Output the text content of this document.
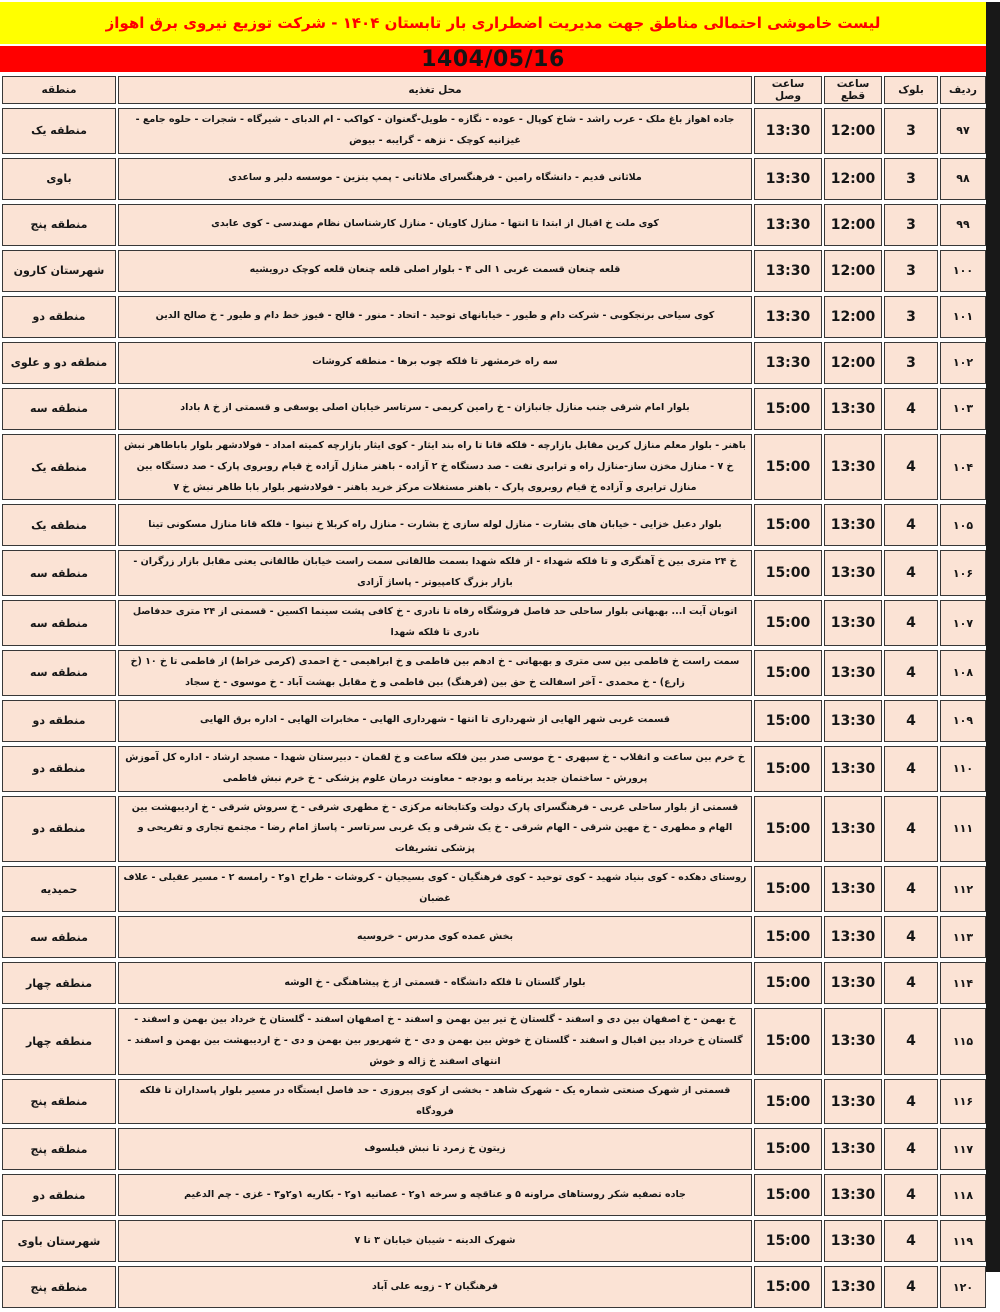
لیست خاموشی احتمالی مناطق جهت مدیریت اضطراری بار تابستان ۱۴۰۴ - شرکت توزیع نیروی برق اهواز
1404/05/16
ردیف	بلوک	ساعت قطع	ساعت وصل	محل تغذیه	منطقه
۹۷	3	12:00	13:30	جاده اهواز باغ ملک - عرب راشد - شاخ کوپال - عوده - نگازه - طویل-گعنوان - کواکب - ام الدبای - شیرگاه - شجرات - حلوه جامع - غیزانیه کوچک - نزهه - گرایبه - بیوض	منطقه یک
۹۸	3	12:00	13:30	ملاثانی قدیم - دانشگاه رامین - فرهنگسرای ملاثانی - پمپ بنزین - موسسه دلبر و ساعدی	باوی
۹۹	3	12:00	13:30	کوی ملت خ اقبال از ابتدا تا انتها - منازل کاویان - منازل کارشناسان نظام مهندسی - کوی عابدی	منطقه پنج
۱۰۰	3	12:00	13:30	قلعه چنعان قسمت غربی ۱ الی ۴ - بلوار اصلی قلعه چنعان قلعه کوچک درویشیه	شهرستان کارون
۱۰۱	3	12:00	13:30	کوی سیاحی برنجکوبی - شرکت دام و طیور - خیابانهای توحید - اتحاد - منور - فالح - فیوز خط دام و طیور - خ صالح الدین	منطقه دو
۱۰۲	3	12:00	13:30	سه راه خرمشهر تا فلکه چوب برها - منطقه کروشات	منطقه دو و علوی
۱۰۳	4	13:30	15:00	بلوار امام شرقی جنب منازل جانبازان - خ رامین کریمی - سرتاسر خیابان اصلی یوسفی و قسمتی از خ ۸ باداد	منطقه سه
۱۰۴	4	13:30	15:00	باهنر - بلوار معلم منازل کرین مقابل بازارچه - فلکه قانا تا راه بند ایثار - کوی ایثار بازارچه کمیته امداد - فولادشهر بلوار باباطاهر نبش خ ۷ - منازل مخزن ساز-منازل راه و ترابری نفت - صد دستگاه خ ۲ آزاده - باهنر منازل آزاده خ قیام روبروی پارک - صد دستگاه بین منازل ترابری و آزاده خ قیام روبروی پارک - باهنر مستغلات مرکز خرید باهنر - فولادشهر بلوار بابا طاهر نبش خ ۷	منطقه یک
۱۰۵	4	13:30	15:00	بلوار دعبل خزایی - خیابان های بشارت - منازل لوله سازی خ بشارت - منازل راه کربلا خ نینوا - فلکه قانا منازل مسکونی تینا	منطقه یک
۱۰۶	4	13:30	15:00	خ ۲۴ متری بین خ آهنگری و تا فلکه شهداء - از فلکه شهدا بسمت طالقانی سمت راست خیابان طالقانی یعنی مقابل بازار زرگران - بازار بزرگ کامپیوتر - پاساژ آزادی	منطقه سه
۱۰۷	4	13:30	15:00	اتوبان آیت ا... بهبهانی بلوار ساحلی حد فاصل فروشگاه رفاه تا نادری - خ کافی پشت سینما اکسین - قسمتی از ۲۴ متری حدفاصل نادری تا فلکه شهدا	منطقه سه
۱۰۸	4	13:30	15:00	سمت راست خ فاطمی بین سی متری و بهبهانی - خ ادهم بین فاطمی و خ ابراهیمی - خ احمدی (کرمی خراط) از فاطمی تا خ ۱۰ (خ زارع) - خ محمدی - آخر اسفالت خ حق بین (فرهنگ) بین فاطمی و خ مقابل بهشت آباد - خ موسوی - خ سجاد	منطقه سه
۱۰۹	4	13:30	15:00	قسمت غربی شهر الهایی از شهرداری تا انتها - شهرداری الهایی - مخابرات الهایی - اداره برق الهایی	منطقه دو
۱۱۰	4	13:30	15:00	خ خرم بین ساعت و انقلاب - خ سپهری - خ موسی صدر بین فلکه ساعت و خ لقمان - دبیرستان شهدا - مسجد ارشاد - اداره کل آموزش پرورش - ساختمان جدید برنامه و بودجه - معاونت درمان علوم پزشکی - خ خرم نبش فاطمی	منطقه دو
۱۱۱	4	13:30	15:00	قسمتی از بلوار ساحلی غربی - فرهنگسرای پارک دولت وکتابخانه مرکزی - خ مطهری شرقی - خ سروش شرقی - خ اردیبهشت بین الهام و مطهری - خ مهین شرقی - الهام شرقی - خ یک شرقی و یک غربی سرتاسر - پاساژ امام رضا - مجتمع تجاری و تفریحی و پزشکی تشریفات	منطقه دو
۱۱۲	4	13:30	15:00	روستای دهکده - کوی بنیاد شهید - کوی توحید - کوی فرهنگیان - کوی بسیجیان - کروشات - طراح ۱و۲ - رامسه ۲ - مسیر عقیلی - علاف غضبان	حمیدیه
۱۱۳	4	13:30	15:00	بخش عمده کوی مدرس - خروسیه	منطقه سه
۱۱۴	4	13:30	15:00	بلوار گلستان تا فلکه دانشگاه - قسمتی از خ پیشاهنگی - خ الوشه	منطقه چهار
۱۱۵	4	13:30	15:00	خ بهمن - خ اصفهان بین دی و اسفند - گلستان خ تیر بین بهمن و اسفند - خ اصفهان اسفند - گلستان خ خرداد بین بهمن و اسفند - گلستان خ خرداد بین اقبال و اسفند - گلستان خ خوش بین بهمن و دی - خ شهریور بین بهمن و دی - خ اردیبهشت بین بهمن و اسفند - انتهای اسفند خ ژاله و خوش	منطقه چهار
۱۱۶	4	13:30	15:00	قسمتی از شهرک صنعتی شماره یک - شهرک شاهد - بخشی از کوی پیروزی - حد فاصل ایستگاه در مسیر بلوار پاسداران تا فلکه فرودگاه	منطقه پنج
۱۱۷	4	13:30	15:00	زیتون خ زمرد تا نبش فیلسوف	منطقه پنج
۱۱۸	4	13:30	15:00	جاده تصفیه شکر روستاهای مراونه ۵ و عناقچه و سرخه ۱و۲ - عصانیه ۱و۲ - بکاریه ۱و۲و۳ - غزی - چم الدغیم	منطقه دو
۱۱۹	4	13:30	15:00	شهرک الدینه - شیبان خیابان ۳ تا ۷	شهرستان باوی
۱۲۰	4	13:30	15:00	فرهنگیان ۲ - زویه علی آباد	منطقه پنج
